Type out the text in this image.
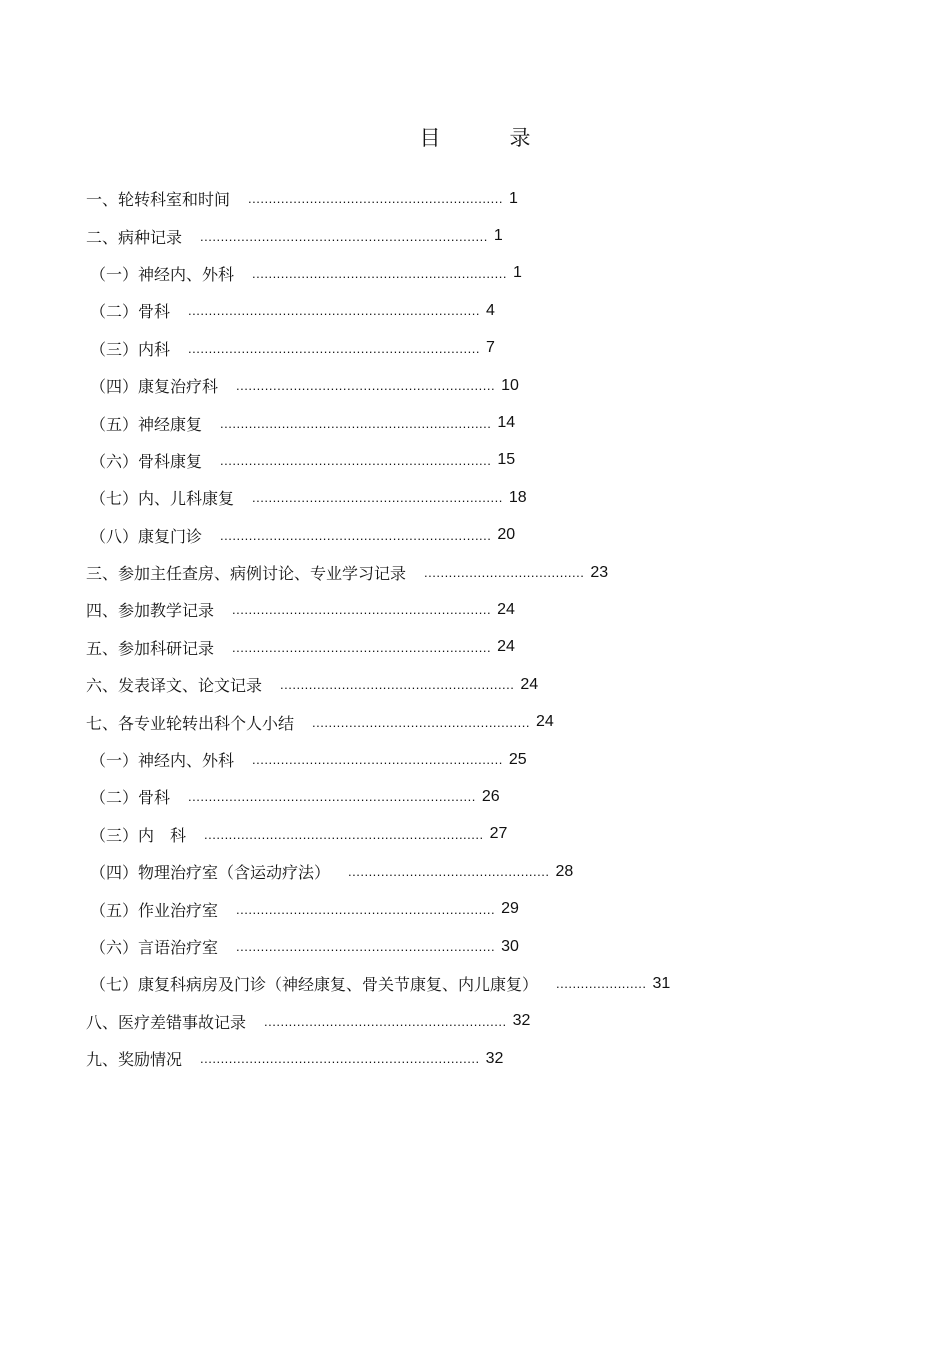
目　录
一、轮转科室和时间 .............................................................. 1
二、病种记录 ...................................................................... 1
（一）神经内、外科 .............................................................. 1
（二）骨科 ....................................................................... 4
（三）内科 ....................................................................... 7
（四）康复治疗科 ............................................................... 10
（五）神经康复 .................................................................. 14
（六）骨科康复 .................................................................. 15
（七）内、儿科康复 ............................................................. 18
（八）康复门诊 .................................................................. 20
三、参加主任查房、病例讨论、专业学习记录 ....................................... 23
四、参加教学记录 ............................................................... 24
五、参加科研记录 ............................................................... 24
六、发表译文、论文记录 ......................................................... 24
七、各专业轮转出科个人小结 ..................................................... 24
（一）神经内、外科 ............................................................. 25
（二）骨科 ...................................................................... 26
（三）内　科 .................................................................... 27
（四）物理治疗室（含运动疗法） ................................................. 28
（五）作业治疗室 ............................................................... 29
（六）言语治疗室 ............................................................... 30
（七）康复科病房及门诊（神经康复、骨关节康复、内儿康复） ...................... 31
八、医疗差错事故记录 ........................................................... 32
九、奖励情况 .................................................................... 32
